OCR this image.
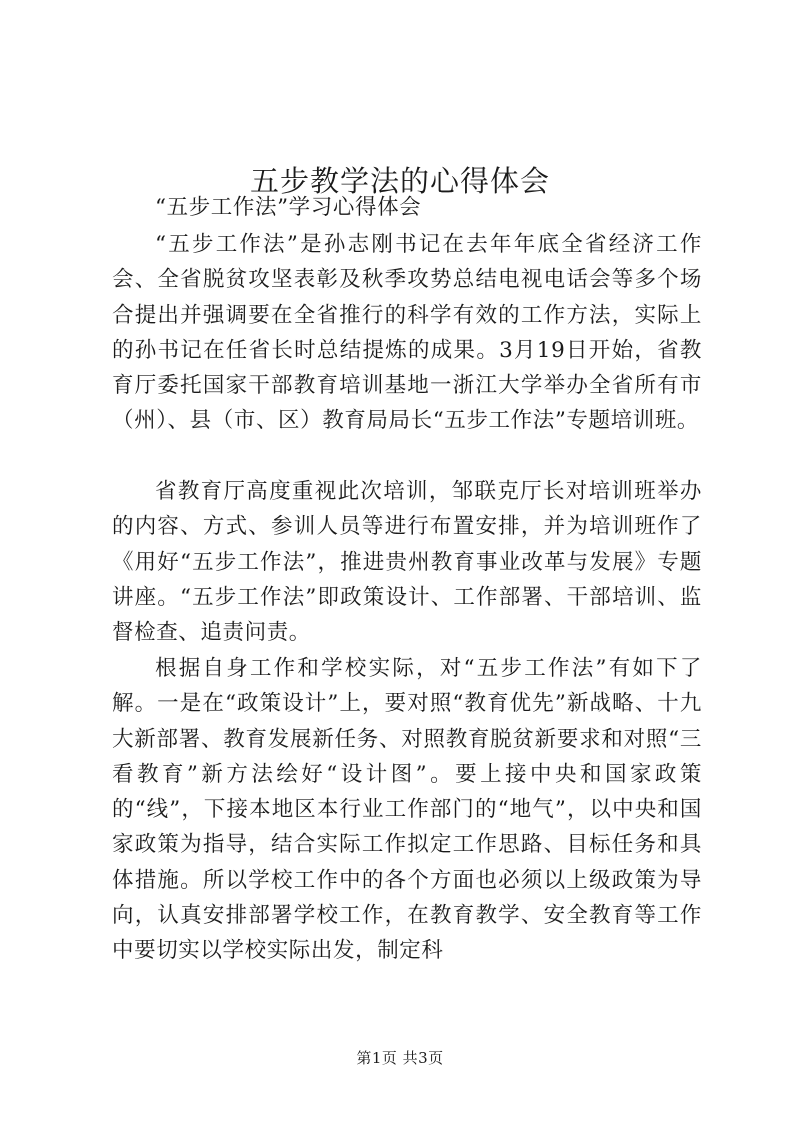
五步教学法的心得体会
“五步工作法”学习心得体会

“五步工作法”是孙志刚书记在去年年底全省经济工作会、全省脱贫攻坚表彰及秋季攻势总结电视电话会等多个场合提出并强调要在全省推行的科学有效的工作方法，实际上的孙书记在任省长时总结提炼的成果。3月19日开始，省教育厅委托国家干部教育培训基地一浙江大学举办全省所有市（州）、县（市、区）教育局局长“五步工作法”专题培训班。

省教育厅高度重视此次培训，邹联克厅长对培训班举办的内容、方式、参训人员等进行布置安排，并为培训班作了《用好“五步工作法”，推进贵州教育事业改革与发展》专题讲座。“五步工作法”即政策设计、工作部署、干部培训、监督检查、追责问责。

根据自身工作和学校实际，对“五步工作法”有如下了解。一是在“政策设计”上，要对照“教育优先”新战略、十九大新部署、教育发展新任务、对照教育脱贫新要求和对照“三看教育”新方法绘好“设计图”。要上接中央和国家政策的“线”，下接本地区本行业工作部门的“地气”，以中央和国家政策为指导，结合实际工作拟定工作思路、目标任务和具体措施。所以学校工作中的各个方面也必须以上级政策为导向，认真安排部署学校工作，在教育教学、安全教育等工作中要切实以学校实际出发，制定科

第1页 共3页
